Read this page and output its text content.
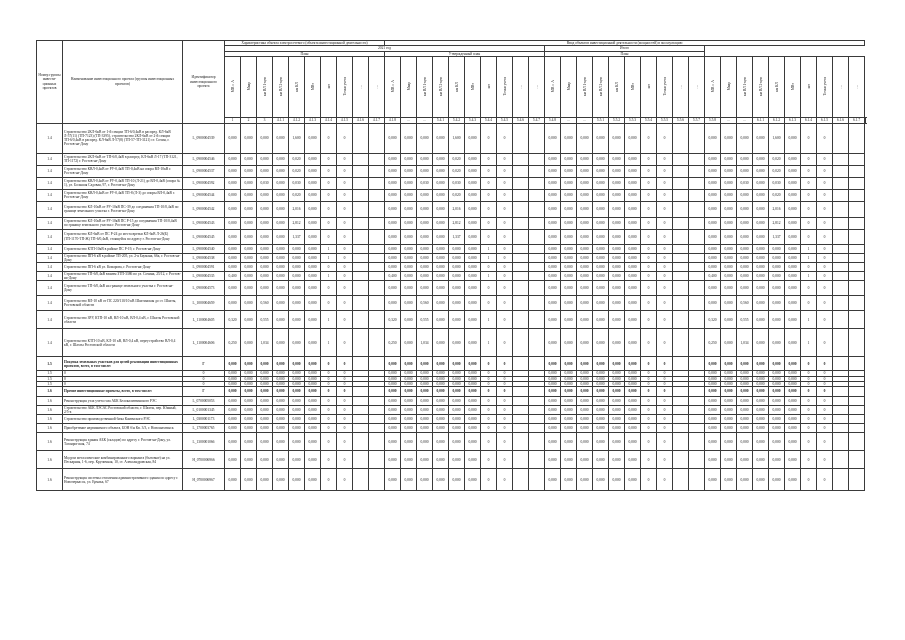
Номер группы инвести-ционных проектов	Наименование инвестиционного проекта (группы инвестиционных проектов)	Идентификатор инвестиционного проекта	Характеристика объекта электросетевого (объекта инвестиционной деятельности)										Ввод объектов инвестиционной деятельности (мощностей) в эксплуатацию																														
			2021 год																				Итого																				
			План										Утвержденный план										План																				
			МВ×А	Мвар	км ВЛ 1-цеп	км ВЛ 2-цеп	км КЛ	МВт	шт	Точки учета	…	…	МВ×А	Мвар	км ВЛ 1-цеп	км ВЛ 2-цеп	км КЛ	МВт	шт	Точки учета	…	…	МВ×А	Мвар	км ВЛ 1-цеп	км ВЛ 2-цеп	км КЛ	МВт	шт	Точки учета	…	…	МВ×А	Мвар	км ВЛ 1-цеп	км ВЛ 2-цеп	км КЛ	МВт	шт	Точки учета	…	…	
			1	2	3	4.1.1	4.1.2	4.1.3	4.1.4	4.1.5	4.1.6	4.1.7	4.1.8	…	…	5.4.1	5.4.2	5.4.3	5.4.4	5.4.5	5.4.6	5.4.7	5.4.8	…	…	5.5.1	5.5.2	5.5.3	5.5.4	5.5.5	5.5.6	5.5.7	5.5.8	…	…	6.1.1	6.1.2	6.1.3	6.1.4	6.1.5	6.1.6	6.1.7			
1.4	Строительство 2КЛ-6кВ от 1-й секции ТП-6/0,4кВ в распред. КЛ-6кВ Л-57(11) (ТП-7123) (ТП-3395), строительство 2КЛ-6кВ от 2-й секции ТП-6/0,4кВ в распред. КЛ-6кВ Л-57(8) (ТП-57-ТП-3121) ст. Сочин, г. Ростов-на-Дону	L_0900004539	0,000	0,000	0,000	0,000	1,600	0,000	0	0			0,000	0,000	0,000	0,000	1,600	0,000	0	0			0,000	0,000	0,000	0,000	0,000	0,000	0	0			0,000	0,000	0,000	0,000	1,600	0,000	0	0			
1.4	Строительство 2КЛ-6кВ от ТП-6/0,4кВ в распред. КЛ-6кВ Л-17 (ТП-3121, ТП-1172) г. Ростов-на-Дону	L_0900004546	0,000	0,000	0,000	0,000	0,020	0,000	0	0			0,000	0,000	0,000	0,000	0,020	0,000	0	0			0,000	0,000	0,000	0,000	0,000	0,000	0	0			0,000	0,000	0,000	0,000	0,020	0,000	0	0			
1.4	Строительство КВЛ-0,4кВ от РУ-0,4кВ ТП-0,4кВ на опора ВЛ-10кВ г. Ростов-на-Дону	L_0900004537	0,000	0,000	0,000	0,000	0,020	0,000	0	0			0,000	0,000	0,000	0,000	0,020	0,000	0	0			0,000	0,000	0,000	0,000	0,000	0,000	0	0			0,000	0,000	0,000	0,000	0,020	0,000	0	0			
1.4	Строительство КВЛ-0,4кВ от РУ-0,4кВ ТП-10 (Л-21) до ВЛ-0,4кВ (опора № 1), ул. Большая Садовая, 97, г. Ростов-на-Дону	L_0900004592	0,000	0,000	0,030	0,000	0,030	0,000	0	0			0,000	0,000	0,030	0,000	0,030	0,000	0	0			0,000	0,000	0,000	0,000	0,000	0,000	0	0			0,000	0,000	0,030	0,000	0,030	0,000	0	0			
1.4	Строительство КВЛ-0,4кВ от РУ-0,4кВ ТП-8 (Л-3) до опоры ВЛ-0,4кВ г. Ростов-на-Дону	L_0900004544	0,000	0,000	0,000	0,000	0,020	0,000	0	0			0,000	0,000	0,000	0,000	0,020	0,000	0	0			0,000	0,000	0,000	0,000	0,000	0,000	0	0			0,000	0,000	0,000	0,000	0,020	0,000	0	0			
1.4	Строительство КЛ-10кВ от РУ-10кВ ПС-39 до соединения ТП-10/0,4кВ по границе земельного участка г. Ростов-на-Дону	L_0900004542	0,000	0,000	0,000	0,000	2,016	0,000	0	0			0,000	0,000	0,000	0,000	2,016	0,000	0	0			0,000	0,000	0,000	0,000	0,000	0,000	0	0			0,000	0,000	0,000	0,000	2,016	0,000	0	0			
1.4	Строительство КЛ-10кВ от РУ-10кВ ПС Р-15 до соединения ТП-10/0,4кВ по границе земельного участка г. Ростов-на-Дону	L_0900004543	0,000	0,000	0,000	0,000	2,812	0,000	0	0			0,000	0,000	0,000	0,000	2,812	0,000	0	0			0,000	0,000	0,000	0,000	0,000	0,000	0	0			0,000	0,000	0,000	0,000	2,812	0,000	0	0			
1.4	Строительство КЛ-6кВ от ПС Р-24 до места врезки КЛ-6кВ Л-26(Б) (ТП-1170-ТП-Ж) ТП-6/0,4кВ, стоящейся по адресу г. Ростов-на-Дону	L_0900004545	0,000	0,000	0,000	0,000	1,337	0,000	0	0			0,000	0,000	0,000	0,000	1,337	0,000	0	0			0,000	0,000	0,000	0,000	0,000	0,000	0	0			0,000	0,000	0,000	0,000	1,337	0,000	0	0			
1.4	Строительство КТП-10кВ в районе ПС Р-19, г. Ростов-на-Дону	L_0900004540	0,000	0,000	0,000	0,000	0,000	0,000	1	0			0,000	0,000	0,000	0,000	0,000	0,000	1	0			0,000	0,000	0,000	0,000	0,000	0,000	0	0			0,000	0,000	0,000	0,000	0,000	0,000	1	0			
1.4	Строительство ПП-6 кВ в районе ТП-205, ул. 2-я Баумана, 66а, г. Ростов-на-Дону	L_0900004538	0,000	0,000	0,000	0,000	0,000	0,000	1	0			0,000	0,000	0,000	0,000	0,000	0,000	1	0			0,000	0,000	0,000	0,000	0,000	0,000	0	0			0,000	0,000	0,000	0,000	0,000	0,000	1	0			
1.4	Строительство ПП-6 кВ ул. Комарова, г. Ростов-на-Дону	L_0900004591	0,000	0,000	0,000	0,000	0,000	0,000	0	0			0,000	0,000	0,000	0,000	0,000	0,000	0	0			0,000	0,000	0,000	0,000	0,000	0,000	0	0			0,000	0,000	0,000	0,000	0,000	0,000	0	0			
1.4	Строительство ТП-6/0,4кВ взамен ЗТП-3386 по ул. Сочина, 25/12, г. Ростов-на-Дону	L_0900004535	0,400	0,000	0,000	0,000	0,000	0,000	1	0			0,400	0,000	0,000	0,000	0,000	0,000	1	0			0,000	0,000	0,000	0,000	0,000	0,000	0	0			0,400	0,000	0,000	0,000	0,000	0,000	1	0			
1.4	Строительство ТП-6/0,4кВ на границе земельного участка г. Ростов-на-Дону	L_0900004573	0,000	0,000	0,000	0,000	0,000	0,000	0	0			0,000	0,000	0,000	0,000	0,000	0,000	0	0			0,000	0,000	0,000	0,000	0,000	0,000	0	0			0,000	0,000	0,000	0,000	0,000	0,000	0	0			
1.4	Строительство ВЛ-10 кВ от ПС 220/110/10 кВ Шахтинская до ст. Шахты, Ростовской области	L_1000004659	0,000	0,000	0,560	0,000	0,000	0,000	0	0			0,000	0,000	0,560	0,000	0,000	0,000	0	0			0,000	0,000	0,000	0,000	0,000	0,000	0	0			0,000	0,000	0,560	0,000	0,000	0,000	0	0			
1.4	Строительство ЗРУ, КТП-10 кВ, ВЛ-10 кВ, ВЛ-0,4 кВ, г. Шахты Ростовской области	L_1100004605	0,320	0,000	0,555	0,000	0,000	0,000	1	0			0,320	0,000	0,555	0,000	0,000	0,000	1	0			0,000	0,000	0,000	0,000	0,000	0,000	0	0			0,320	0,000	0,555	0,000	0,000	0,000	1	0			
1.4	Строительство КТП-10 кВ, КЛ-10 кВ, ВЛ-0,4 кВ, переустройство ВЛ-0,4 кВ, г. Шахты Ростовской области	L_1100004606	0,250	0,000	1,034	0,000	0,000	0,000	1	0			0,250	0,000	1,034	0,000	0,000	0,000	1	0			0,000	0,000	0,000	0,000	0,000	0,000	0	0			0,250	0,000	1,034	0,000	0,000	0,000	1	0			
1.5	Покупка земельных участков для целей реализации инвестиционных проектов, всего, в том числе:	Г	0,000	0,000	0,000	0,000	0,000	0,000	0	0			0,000	0,000	0,000	0,000	0,000	0,000	0	0			0,000	0,000	0,000	0,000	0,000	0,000	0	0			0,000	0,000	0,000	0,000	0,000	0,000	0	0			
1.5	0	0	0,000	0,000	0,000	0,000	0,000	0,000	0	0			0,000	0,000	0,000	0,000	0,000	0,000	0	0			0,000	0,000	0,000	0,000	0,000	0,000	0	0			0,000	0,000	0,000	0,000	0,000	0,000	0	0			
1.5	0	0	0,000	0,000	0,000	0,000	0,000	0,000	0	0			0,000	0,000	0,000	0,000	0,000	0,000	0	0			0,000	0,000	0,000	0,000	0,000	0,000	0	0			0,000	0,000	0,000	0,000	0,000	0,000	0	0			
1.5	0	0	0,000	0,000	0,000	0,000	0,000	0,000	0	0			0,000	0,000	0,000	0,000	0,000	0,000	0	0			0,000	0,000	0,000	0,000	0,000	0,000	0	0			0,000	0,000	0,000	0,000	0,000	0,000	0	0			
1.6	Прочие инвестиционные проекты, всего, в том числе:	Г	0,000	0,000	0,000	0,000	0,000	0,000	0	0			0,000	0,000	0,000	0,000	0,000	0,000	0	0			0,000	0,000	0,000	0,000	0,000	0,000	0	0			0,000	0,000	0,000	0,000	0,000	0,000	0	0			
1.6	Реконструкция узла учета газа АБК Белокалитвинского РЭС	L_0700005053	0,000	0,000	0,000	0,000	0,000	0,000	0	0			0,000	0,000	0,000	0,000	0,000	0,000	0	0			0,000	0,000	0,000	0,000	0,000	0,000	0	0			0,000	0,000	0,000	0,000	0,000	0,000	0	0			
1.6	Строительство АБК ЛЭСАС Ростовской области, г. Шахты, пер. Южный, 2/5-а	L_0100001345	0,000	0,000	0,000	0,000	0,000	0,000	0	0			0,000	0,000	0,000	0,000	0,000	0,000	0	0			0,000	0,000	0,000	0,000	0,000	0,000	0	0			0,000	0,000	0,000	0,000	0,000	0,000	0	0			
1.6	Строительство производственной базы Каменского РЭС	L_0300001173	0,000	0,000	0,000	0,000	0,000	0,000	0	0			0,000	0,000	0,000	0,000	0,000	0,000	0	0			0,000	0,000	0,000	0,000	0,000	0,000	0	0			0,000	0,000	0,000	0,000	0,000	0,000	0	0			
1.6	Приобретение недвижимого объекта, БОН б/н Кв. 3/3, г. Новошахтинск	L_1700003765	0,000	0,000	0,000	0,000	0,000	0,000	0	0			0,000	0,000	0,000	0,000	0,000	0,000	0	0			0,000	0,000	0,000	0,000	0,000	0,000	0	0			0,000	0,000	0,000	0,000	0,000	0,000	0	0			
1.6	Реконструкция здания АБК (складов) по адресу г. Ростов-на-Дону, ул. Таганрогская, 74	L_1300001066	0,000	0,000	0,000	0,000	0,000	0,000	0	0			0,000	0,000	0,000	0,000	0,000	0,000	0	0			0,000	0,000	0,000	0,000	0,000	0,000	0	0			0,000	0,000	0,000	0,000	0,000	0,000	0	0			
1.6	Модули металлические комбинированного варианта (бытовые) на ул. Пескарная, 1-6, пер. Крупичная, 10, ст. Александровская, 84	H_0700006966	0,000	0,000	0,000	0,000	0,000	0,000	0	0			0,000	0,000	0,000	0,000	0,000	0,000	0	0			0,000	0,000	0,000	0,000	0,000	0,000	0	0			0,000	0,000	0,000	0,000	0,000	0,000	0	0			
1.6	Реконструкция системы отопления административного здания по адресу г. Новочеркасск, ул. Ермака, 67	H_0700006967	0,000	0,000	0,000	0,000	0,000	0,000	0	0			0,000	0,000	0,000	0,000	0,000	0,000	0	0			0,000	0,000	0,000	0,000	0,000	0,000	0	0			0,000	0,000	0,000	0,000	0,000	0,000	0	0			
